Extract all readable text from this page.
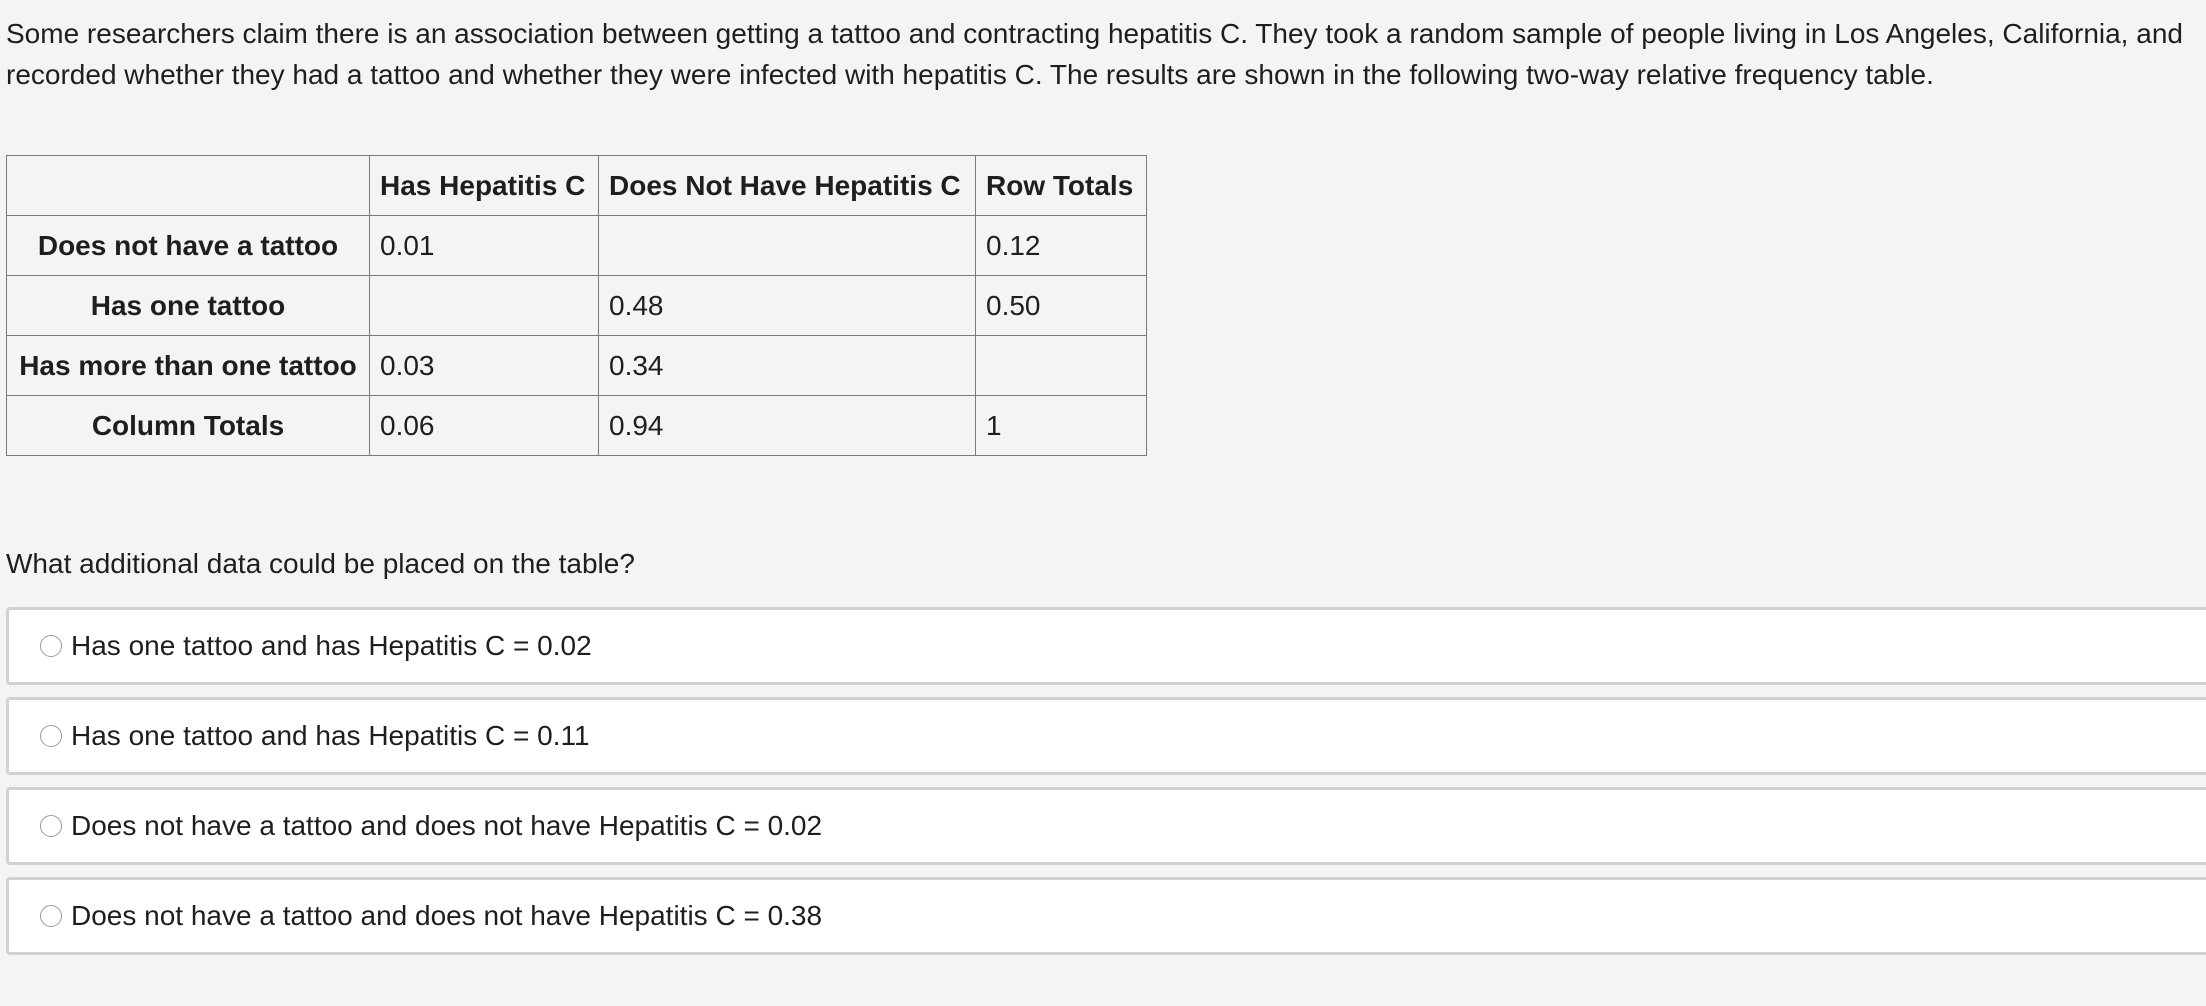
Some researchers claim there is an association between getting a tattoo and contracting hepatitis C. They took a random sample of people living in Los Angeles, California, and recorded whether they had a tattoo and whether they were infected with hepatitis C. The results are shown in the following two-way relative frequency table.

	Has Hepatitis C	Does Not Have Hepatitis C	Row Totals
Does not have a tattoo	0.01		0.12
Has one tattoo		0.48	0.50
Has more than one tattoo	0.03	0.34	
Column Totals	0.06	0.94	1

What additional data could be placed on the table?

Has one tattoo and has Hepatitis C = 0.02
Has one tattoo and has Hepatitis C = 0.11
Does not have a tattoo and does not have Hepatitis C = 0.02
Does not have a tattoo and does not have Hepatitis C = 0.38
